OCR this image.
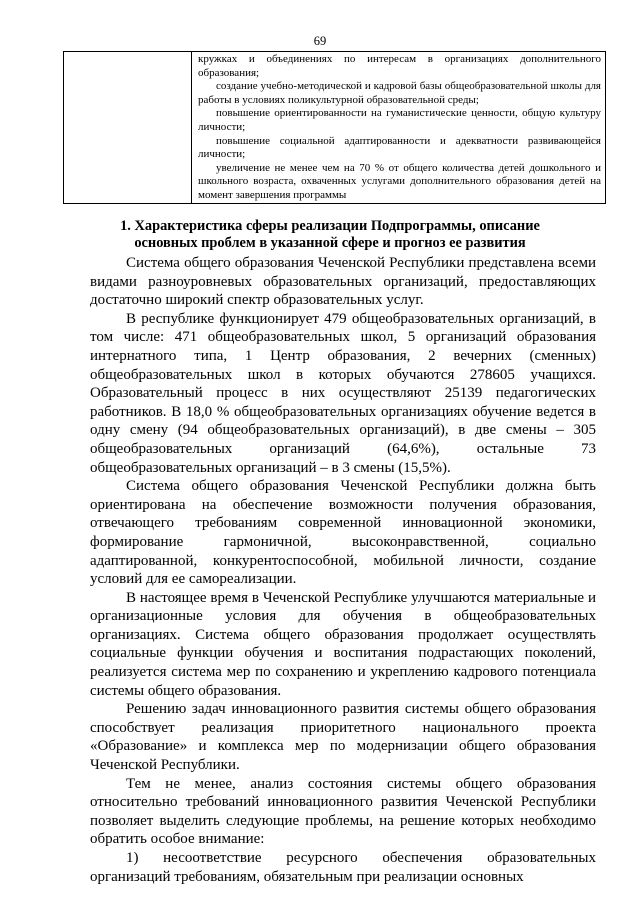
69

кружках и объединениях по интересам в организациях дополнительного образования;
создание учебно-методической и кадровой базы общеобразовательной школы для работы в условиях поликультурной образовательной среды;
повышение ориентированности на гуманистические ценности, общую культуру личности;
повышение социальной адаптированности и адекватности развивающейся личности;
увеличение не менее чем на 70 % от общего количества детей дошкольного и школьного возраста, охваченных услугами дополнительного образования детей на момент завершения программы
1. Характеристика сферы реализации Подпрограммы, описание
основных проблем в указанной сфере и прогноз ее развития

Система общего образования Чеченской Республики представлена всеми видами разноуровневых образовательных организаций, предоставляющих достаточно широкий спектр образовательных услуг.

В республике функционирует 479 общеобразовательных организаций, в том числе: 471 общеобразовательных школ, 5 организаций образования интернатного типа, 1 Центр образования, 2 вечерних (сменных) общеобразовательных школ в которых обучаются 278605 учащихся. Образовательный процесс в них осуществляют 25139 педагогических работников. В 18,0 % общеобразовательных организациях обучение ведется в одну смену (94 общеобразовательных организаций), в две смены – 305 общеобразовательных организаций (64,6%), остальные 73 общеобразовательных организаций – в 3 смены (15,5%).

Система общего образования Чеченской Республики должна быть ориентирована на обеспечение возможности получения образования, отвечающего требованиям современной инновационной экономики, формирование гармоничной, высоконравственной, социально адаптированной, конкурентоспособной, мобильной личности, создание условий для ее самореализации.

В настоящее время в Чеченской Республике улучшаются материальные и организационные условия для обучения в общеобразовательных организациях. Система общего образования продолжает осуществлять социальные функции обучения и воспитания подрастающих поколений, реализуется система мер по сохранению и укреплению кадрового потенциала системы общего образования.

Решению задач инновационного развития системы общего образования способствует реализация приоритетного национального проекта «Образование» и комплекса мер по модернизации общего образования Чеченской Республики.

Тем не менее, анализ состояния системы общего образования относительно требований инновационного развития Чеченской Республики позволяет выделить следующие проблемы, на решение которых необходимо обратить особое внимание:

1) несоответствие ресурсного обеспечения образовательных организаций требованиям, обязательным при реализации основных
